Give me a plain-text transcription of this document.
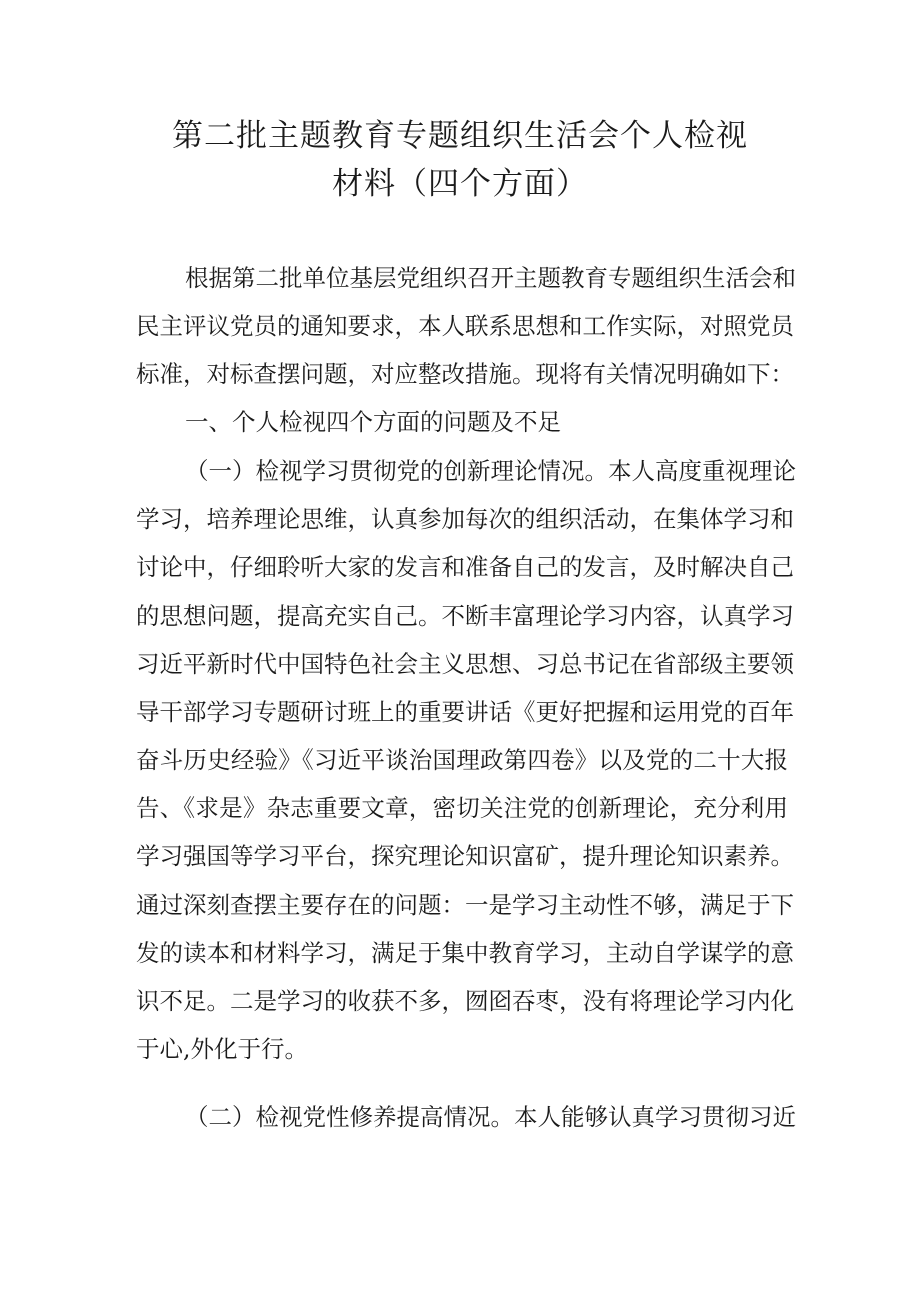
第二批主题教育专题组织生活会个人检视
材料（四个方面）

根据第二批单位基层党组织召开主题教育专题组织生活会和

民主评议党员的通知要求，本人联系思想和工作实际，对照党员

标准，对标查摆问题，对应整改措施。现将有关情况明确如下：

一、个人检视四个方面的问题及不足

（一）检视学习贯彻党的创新理论情况。本人高度重视理论

学习，培养理论思维，认真参加每次的组织活动，在集体学习和

讨论中，仔细聆听大家的发言和准备自己的发言，及时解决自己

的思想问题，提高充实自己。不断丰富理论学习内容，认真学习

习近平新时代中国特色社会主义思想、习总书记在省部级主要领

导干部学习专题研讨班上的重要讲话《更好把握和运用党的百年

奋斗历史经验》《习近平谈治国理政第四卷》以及党的二十大报

告、《求是》杂志重要文章，密切关注党的创新理论，充分利用

学习强国等学习平台，探究理论知识富矿，提升理论知识素养。

通过深刻查摆主要存在的问题：一是学习主动性不够，满足于下

发的读本和材料学习，满足于集中教育学习，主动自学谋学的意

识不足。二是学习的收获不多，囫囵吞枣，没有将理论学习内化

于心,外化于行。

（二）检视党性修养提高情况。本人能够认真学习贯彻习近
